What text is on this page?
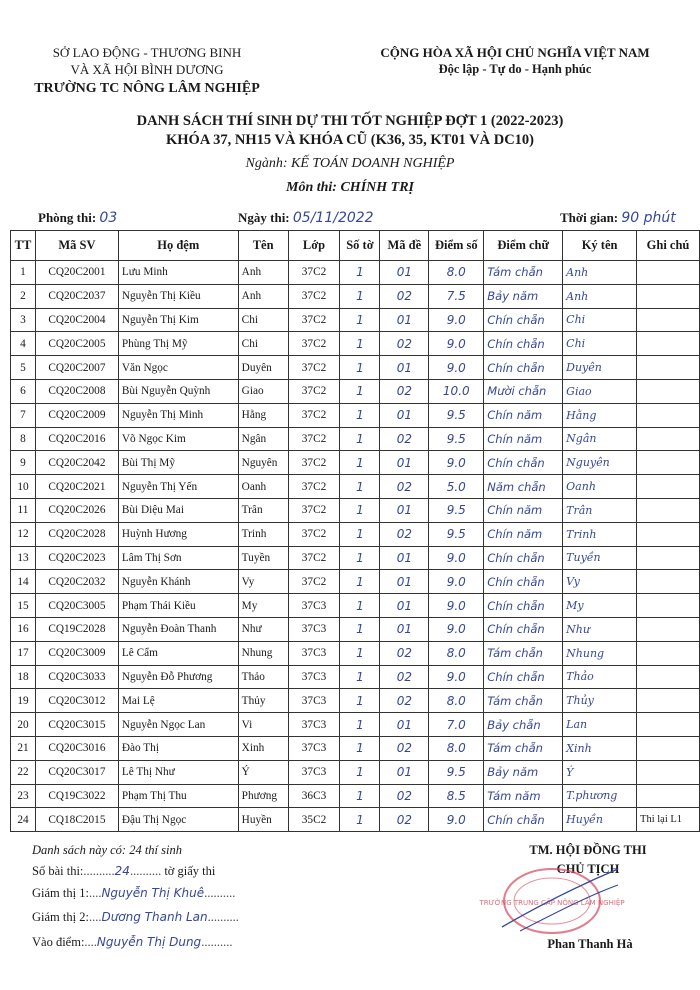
SỞ LAO ĐỘNG - THƯƠNG BINH
VÀ XÃ HỘI BÌNH DƯƠNG
TRƯỜNG TC NÔNG LÂM NGHIỆP
CỘNG HÒA XÃ HỘI CHỦ NGHĨA VIỆT NAM
Độc lập - Tự do - Hạnh phúc
DANH SÁCH THÍ SINH DỰ THI TỐT NGHIỆP ĐỢT 1 (2022-2023)
KHÓA 37, NH15 VÀ KHÓA CŨ (K36, 35, KT01 VÀ DC10)
Ngành: KẾ TOÁN DOANH NGHIỆP
Môn thi: CHÍNH TRỊ
Phòng thi: 03	Ngày thi: 05/11/2022	Thời gian: 90 phút
TT	Mã SV	Họ đệm	Tên	Lớp	Số tờ	Mã đề	Điểm số	Điểm chữ	Ký tên	Ghi chú
1	CQ20C2001	Lưu Minh	Anh	37C2	1	01	8.0	Tám chẵn	Anh	
2	CQ20C2037	Nguyễn Thị Kiều	Anh	37C2	1	02	7.5	Bảy năm	Anh	
3	CQ20C2004	Nguyễn Thị Kim	Chi	37C2	1	01	9.0	Chín chẵn	Chi	
4	CQ20C2005	Phùng Thị Mỹ	Chi	37C2	1	02	9.0	Chín chẵn	Chi	
5	CQ20C2007	Văn Ngọc	Duyên	37C2	1	01	9.0	Chín chẵn	Duyên	
6	CQ20C2008	Bùi Nguyễn Quỳnh	Giao	37C2	1	02	10.0	Mười chẵn	Giao	
7	CQ20C2009	Nguyễn Thị Minh	Hằng	37C2	1	01	9.5	Chín năm	Hằng	
8	CQ20C2016	Võ Ngọc Kim	Ngân	37C2	1	02	9.5	Chín năm	Ngân	
9	CQ20C2042	Bùi Thị Mỹ	Nguyên	37C2	1	01	9.0	Chín chẵn	Nguyên	
10	CQ20C2021	Nguyễn Thị Yến	Oanh	37C2	1	02	5.0	Năm chẵn	Oanh	
11	CQ20C2026	Bùi Diệu Mai	Trân	37C2	1	01	9.5	Chín năm	Trân	
12	CQ20C2028	Huỳnh Hương	Trinh	37C2	1	02	9.5	Chín năm	Trinh	
13	CQ20C2023	Lâm Thị Sơn	Tuyền	37C2	1	01	9.0	Chín chẵn	Tuyền	
14	CQ20C2032	Nguyễn Khánh	Vy	37C2	1	01	9.0	Chín chẵn	Vy	
15	CQ20C3005	Phạm Thái Kiều	My	37C3	1	01	9.0	Chín chẵn	My	
16	CQ19C2028	Nguyễn Đoàn Thanh	Như	37C3	1	01	9.0	Chín chẵn	Như	
17	CQ20C3009	Lê Cẩm	Nhung	37C3	1	02	8.0	Tám chẵn	Nhung	
18	CQ20C3033	Nguyễn Đỗ Phương	Thảo	37C3	1	02	9.0	Chín chẵn	Thảo	
19	CQ20C3012	Mai Lệ	Thủy	37C3	1	02	8.0	Tám chẵn	Thủy	
20	CQ20C3015	Nguyễn Ngọc Lan	Vi	37C3	1	01	7.0	Bảy chẵn	Lan	
21	CQ20C3016	Đào Thị	Xinh	37C3	1	02	8.0	Tám chẵn	Xinh	
22	CQ20C3017	Lê Thị Như	Ý	37C3	1	01	9.5	Bảy năm	Ý	
23	CQ19C3022	Phạm Thị Thu	Phương	36C3	1	02	8.5	Tám năm	T.phương	
24	CQ18C2015	Đậu Thị Ngọc	Huyền	35C2	1	02	9.0	Chín chẵn	Huyền	Thi lại L1
Danh sách này có: 24 thí sinh
Số bài thi:..........24.......... tờ giấy thi
Giám thị 1:....Nguyễn Thị Khuê..........
Giám thị 2:....Dương Thanh Lan..........
Vào điểm:....Nguyễn Thị Dung..........
TM. HỘI ĐỒNG THI
CHỦ TỊCH
TRƯỜNG TRUNG CẤP NÔNG LÂM NGHIỆP
Phan Thanh Hà
